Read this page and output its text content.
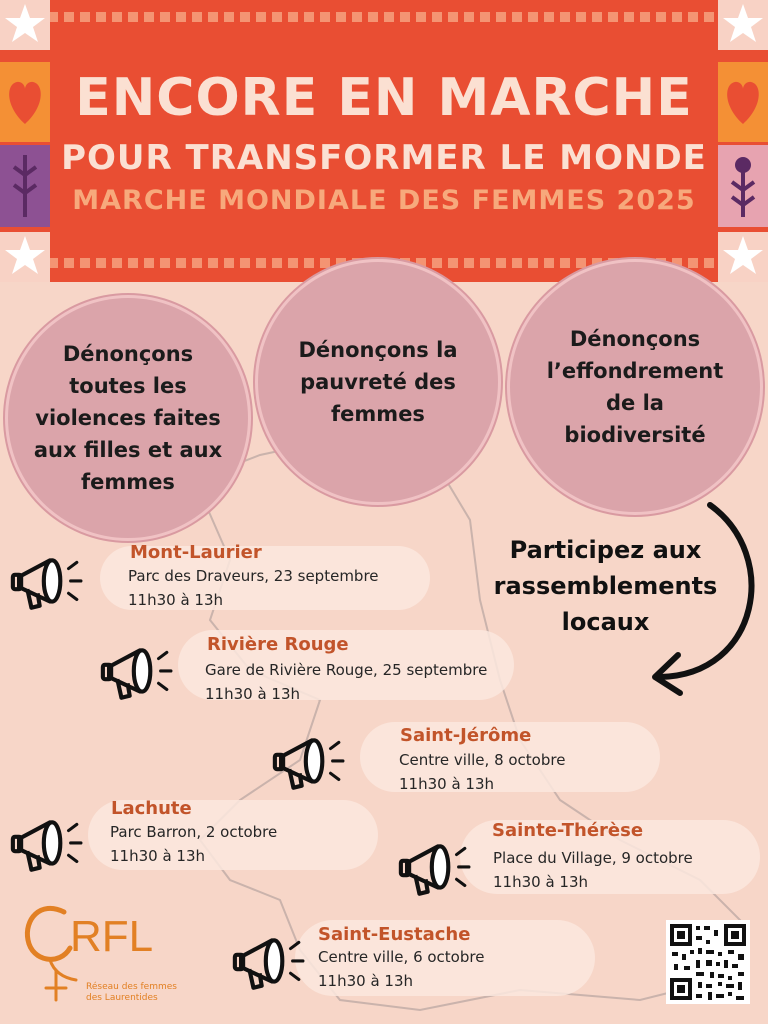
ENCORE EN MARCHE
POUR TRANSFORMER LE MONDE
MARCHE MONDIALE DES FEMMES 2025
Dénonçons toutes les violences faites aux filles et aux femmes
Dénonçons la pauvreté des femmes
Dénonçons l’effondrement de la biodiversité
Participez aux rassemblements locaux
Mont-Laurier
Parc des Draveurs, 23 septembre
11h30 à 13h
Rivière Rouge
Gare de Rivière Rouge, 25 septembre
11h30 à 13h
Saint-Jérôme
Centre ville, 8 octobre
11h30 à 13h
Lachute
Parc Barron, 2 octobre
11h30 à 13h
Sainte-Thérèse
Place du Village, 9 octobre
11h30 à 13h
Saint-Eustache
Centre ville, 6 octobre
11h30 à 13h
RFL
Réseau des femmes
des Laurentides
